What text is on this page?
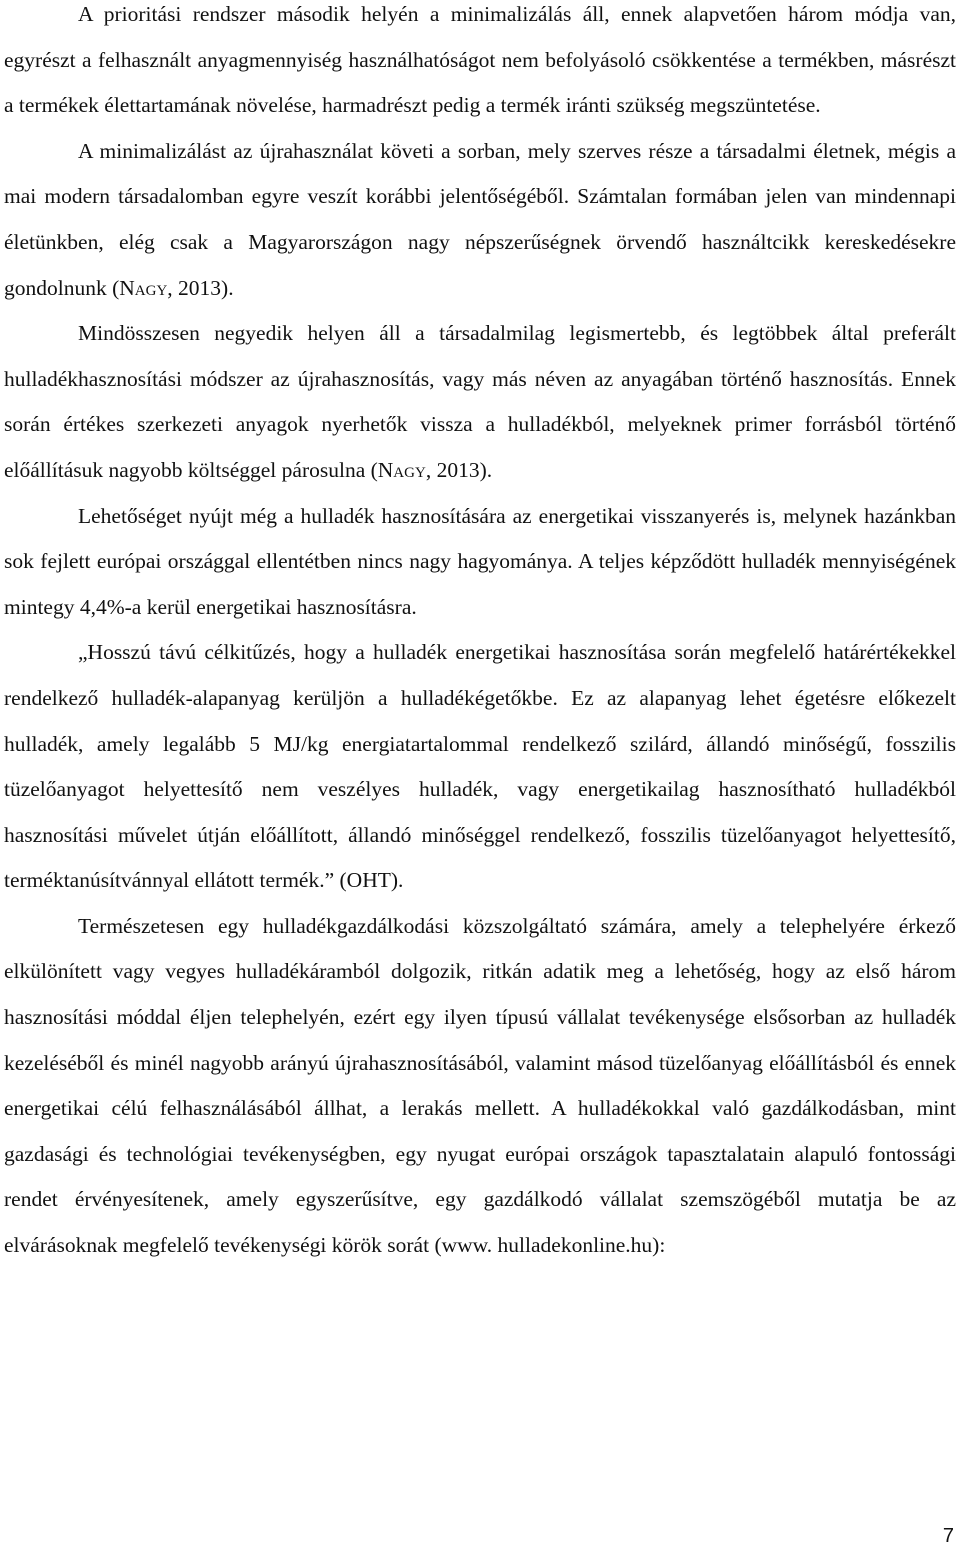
A prioritási rendszer második helyén a minimalizálás áll, ennek alapvetően három módja van, egyrészt a felhasznált anyagmennyiség használhatóságot nem befolyásoló csökkentése a termékben, másrészt a termékek élettartamának növelése, harmadrészt pedig a termék iránti szükség megszüntetése.

A minimalizálást az újrahasználat követi a sorban, mely szerves része a társadalmi életnek, mégis a mai modern társadalomban egyre veszít korábbi jelentőségéből. Számtalan formában jelen van mindennapi életünkben, elég csak a Magyarországon nagy népszerűségnek örvendő használtcikk kereskedésekre gondolnunk (Nagy, 2013).

Mindösszesen negyedik helyen áll a társadalmilag legismertebb, és legtöbbek által preferált hulladékhasznosítási módszer az újrahasznosítás, vagy más néven az anyagában történő hasznosítás. Ennek során értékes szerkezeti anyagok nyerhetők vissza a hulladékból, melyeknek primer forrásból történő előállításuk nagyobb költséggel párosulna (Nagy, 2013).

Lehetőséget nyújt még a hulladék hasznosítására az energetikai visszanyerés is, melynek hazánkban sok fejlett európai országgal ellentétben nincs nagy hagyománya. A teljes képződött hulladék mennyiségének mintegy 4,4%-a kerül energetikai hasznosításra.

„Hosszú távú célkitűzés, hogy a hulladék energetikai hasznosítása során megfelelő határértékekkel rendelkező hulladék-alapanyag kerüljön a hulladékégetőkbe. Ez az alapanyag lehet égetésre előkezelt hulladék, amely legalább 5 MJ/kg energiatartalommal rendelkező szilárd, állandó minőségű, fosszilis tüzelőanyagot helyettesítő nem veszélyes hulladék, vagy energetikailag hasznosítható hulladékból hasznosítási művelet útján előállított, állandó minőséggel rendelkező, fosszilis tüzelőanyagot helyettesítő, terméktanúsítvánnyal ellátott termék.” (OHT).

Természetesen egy hulladékgazdálkodási közszolgáltató számára, amely a telephelyére érkező elkülönített vagy vegyes hulladékáramból dolgozik, ritkán adatik meg a lehetőség, hogy az első három hasznosítási móddal éljen telephelyén, ezért egy ilyen típusú vállalat tevékenysége elsősorban az hulladék kezeléséből és minél nagyobb arányú újrahasznosításából, valamint másod tüzelőanyag előállításból és ennek energetikai célú felhasználásából állhat, a lerakás mellett. A hulladékokkal való gazdálkodásban, mint gazdasági és technológiai tevékenységben, egy nyugat európai országok tapasztalatain alapuló fontossági rendet érvényesítenek, amely egyszerűsítve, egy gazdálkodó vállalat szemszögéből mutatja be az elvárásoknak megfelelő tevékenységi körök sorát (www. hulladekonline.hu):

7
